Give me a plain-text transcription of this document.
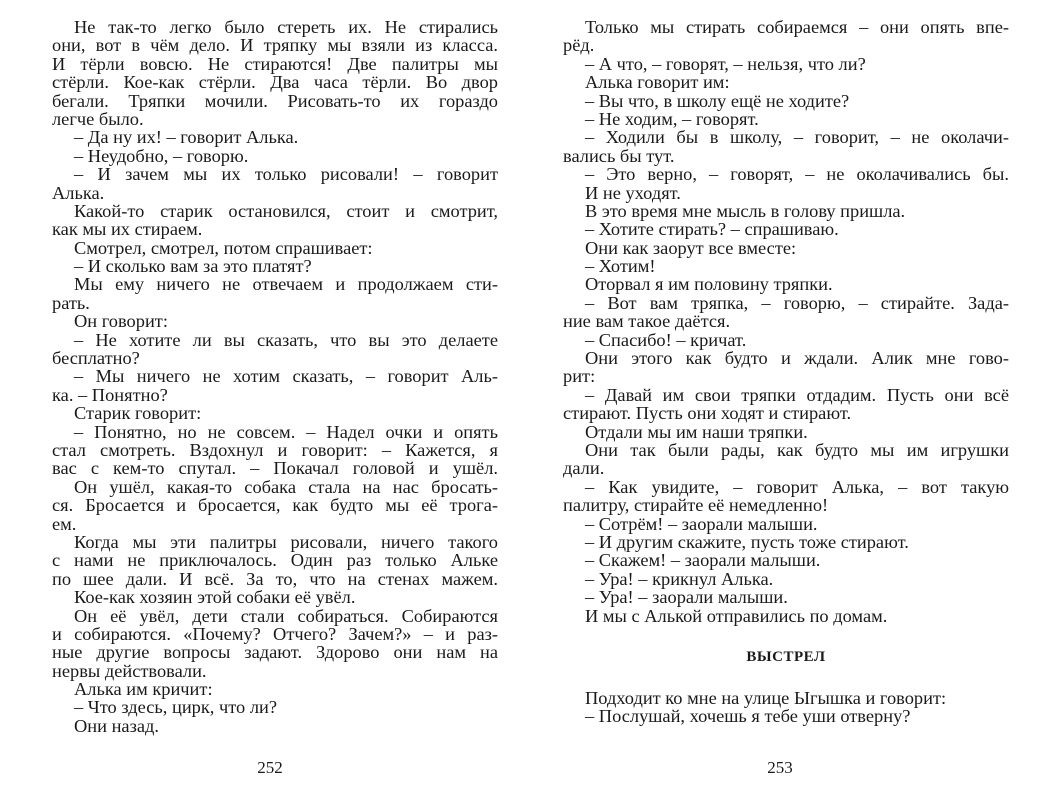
Не так-то легко было стереть их. Не стирались
они, вот в чём дело. И тряпку мы взяли из класса.
И тёрли вовсю. Не стираются! Две палитры мы
стёрли. Кое-как стёрли. Два часа тёрли. Во двор
бегали. Тряпки мочили. Рисовать-то их гораздо
легче было.
– Да ну их! – говорит Алька.
– Неудобно, – говорю.
– И зачем мы их только рисовали! – говорит
Алька.
Какой-то старик остановился, стоит и смотрит,
как мы их стираем.
Смотрел, смотрел, потом спрашивает:
– И сколько вам за это платят?
Мы ему ничего не отвечаем и продолжаем сти-
рать.
Он говорит:
– Не хотите ли вы сказать, что вы это делаете
бесплатно?
– Мы ничего не хотим сказать, – говорит Аль-
ка. – Понятно?
Старик говорит:
– Понятно, но не совсем. – Надел очки и опять
стал смотреть. Вздохнул и говорит: – Кажется, я
вас с кем-то спутал. – Покачал головой и ушёл.
Он ушёл, какая-то собака стала на нас бросать-
ся. Бросается и бросается, как будто мы её трога-
ем.
Когда мы эти палитры рисовали, ничего такого
с нами не приключалось. Один раз только Альке
по шее дали. И всё. За то, что на стенах мажем.
Кое-как хозяин этой собаки её увёл.
Он её увёл, дети стали собираться. Собираются
и собираются. «Почему? Отчего? Зачем?» – и раз-
ные другие вопросы задают. Здорово они нам на
нервы действовали.
Алька им кричит:
– Что здесь, цирк, что ли?
Они назад.
252
Только мы стирать собираемся – они опять впе-
рёд.
– А что, – говорят, – нельзя, что ли?
Алька говорит им:
– Вы что, в школу ещё не ходите?
– Не ходим, – говорят.
– Ходили бы в школу, – говорит, – не околачи-
вались бы тут.
– Это верно, – говорят, – не околачивались бы.
И не уходят.
В это время мне мысль в голову пришла.
– Хотите стирать? – спрашиваю.
Они как заорут все вместе:
– Хотим!
Оторвал я им половину тряпки.
– Вот вам тряпка, – говорю, – стирайте. Зада-
ние вам такое даётся.
– Спасибо! – кричат.
Они этого как будто и ждали. Алик мне гово-
рит:
– Давай им свои тряпки отдадим. Пусть они всё
стирают. Пусть они ходят и стирают.
Отдали мы им наши тряпки.
Они так были рады, как будто мы им игрушки
дали.
– Как увидите, – говорит Алька, – вот такую
палитру, стирайте её немедленно!
– Сотрём! – заорали малыши.
– И другим скажите, пусть тоже стирают.
– Скажем! – заорали малыши.
– Ура! – крикнул Алька.
– Ура! – заорали малыши.
И мы с Алькой отправились по домам.
ВЫСТРЕЛ
Подходит ко мне на улице Ыгышка и говорит:
– Послушай, хочешь я тебе уши отверну?
253
